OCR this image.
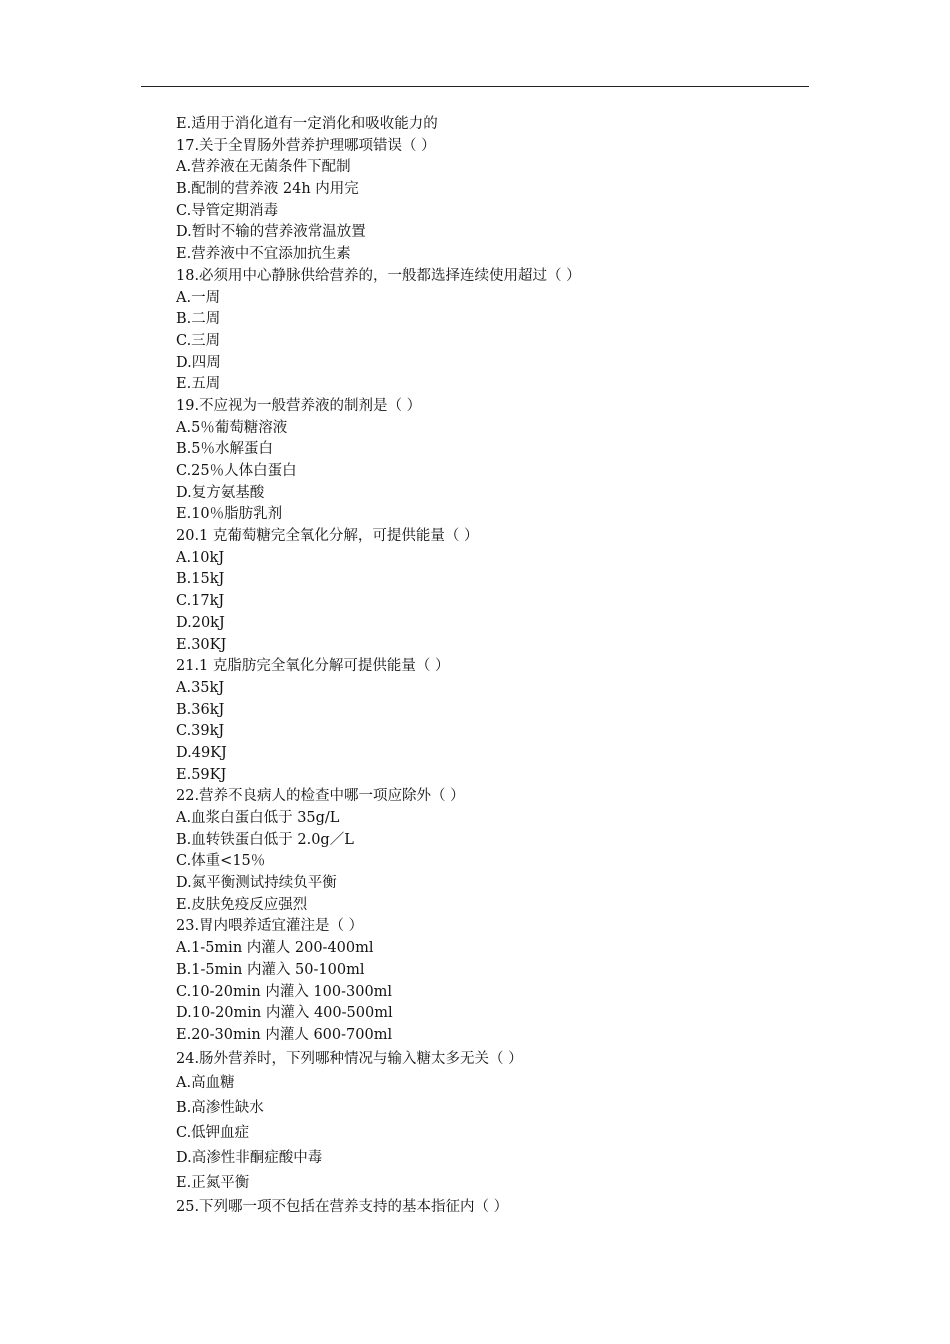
E.适用于消化道有一定消化和吸收能力的
17.关于全胃肠外营养护理哪项错误（ ）
A.营养液在无菌条件下配制
B.配制的营养液 24h 内用完
C.导管定期消毒
D.暂时不输的营养液常温放置
E.营养液中不宜添加抗生素
18.必须用中心静脉供给营养的，一般都选择连续使用超过（ ）
A.一周
B.二周
C.三周
D.四周
E.五周
19.不应视为一般营养液的制剂是（ ）
A.5％葡萄糖溶液
B.5％水解蛋白
C.25％人体白蛋白
D.复方氨基酸
E.10％脂肪乳剂
20.1 克葡萄糖完全氧化分解，可提供能量（ ）
A.10kJ
B.15kJ
C.17kJ
D.20kJ
E.30KJ
21.1 克脂肪完全氧化分解可提供能量（ ）
A.35kJ
B.36kJ
C.39kJ
D.49KJ
E.59KJ
22.营养不良病人的检查中哪一项应除外（ ）
A.血浆白蛋白低于 35g/L
B.血转铁蛋白低于 2.0g／L
C.体重<15％
D.氮平衡测试持续负平衡
E.皮肤免疫反应强烈
23.胃内喂养适宜灌注是（ ）
A.1-5min 内灌人 200-400ml
B.1-5min 内灌入 50-100ml
C.10-20min 内灌入 100-300ml
D.10-20min 内灌入 400-500ml
E.20-30min 内灌人 600-700ml
24.肠外营养时，下列哪种情况与输入糖太多无关（ ）
A.高血糖
B.高渗性缺水
C.低钾血症
D.高渗性非酮症酸中毒
E.正氮平衡
25.下列哪一项不包括在营养支持的基本指征内（ ）
